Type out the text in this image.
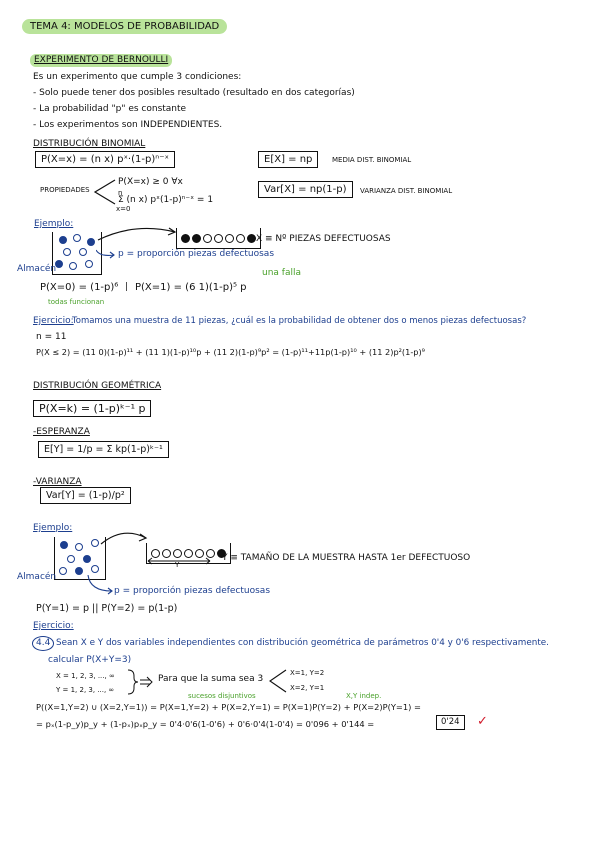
TEMA 4: MODELOS DE PROBABILIDAD
EXPERIMENTO DE BERNOULLI
Es un experimento que cumple 3 condiciones:
- Solo puede tener dos posibles resultado (resultado en dos categorías)
- La probabilidad "p" es constante
- Los experimentos son INDEPENDIENTES.
DISTRIBUCIÓN BINOMIAL
P(X=x) = (n x) pˣ·(1-p)ⁿ⁻ˣ	E[X] = np	MEDIA DIST. BINOMIAL
PROPIEDADES
P(X=x) ≥ 0 ∀x
n
Σ (n x) pˣ(1-p)ⁿ⁻ˣ = 1
x=0
Var[X] = np(1-p)	VARIANZA DIST. BINOMIAL
Ejemplo:
X ≡ Nº PIEZAS DEFECTUOSAS
p = proporción piezas defectuosas
Almacén
P(X=0) = (1-p)⁶ | P(X=1) = (6 1)(1-p)⁵ p
una falla
todas funcionan
Ejercicio:
Tomamos una muestra de 11 piezas, ¿cuál es la probabilidad de obtener dos o menos piezas defectuosas?
n = 11
P(X ≤ 2) = (11 0)(1-p)¹¹ + (11 1)(1-p)¹⁰p + (11 2)(1-p)⁹p² = (1-p)¹¹+11p(1-p)¹⁰ + (11 2)p²(1-p)⁹
DISTRIBUCIÓN GEOMÉTRICA
P(X=k) = (1-p)ᵏ⁻¹ p
-ESPERANZA
E[Y] = 1/p = Σ kp(1-p)ᵏ⁻¹
-VARIANZA
Var[Y] = (1-p)/p²
Ejemplo:
Y
Y ≡ TAMAÑO DE LA MUESTRA HASTA 1er DEFECTUOSO
p = proporción piezas defectuosas
Almacén
P(Y=1) = p || P(Y=2) = p(1-p)
Ejercicio:
4.4 Sean X e Y dos variables independientes con distribución geométrica de parámetros 0'4 y 0'6 respectivamente.
calcular P(X+Y=3)
X = 1, 2, 3, ..., ∞
Y = 1, 2, 3, ..., ∞
Para que la suma sea 3
X=1, Y=2
X=2, Y=1
sucesos disjuntivos	X,Y indep.
P((X=1,Y=2) ∪ (X=2,Y=1)) = P(X=1,Y=2) + P(X=2,Y=1) = P(X=1)P(Y=2) + P(X=2)P(Y=1) =
= pₓ(1-p_y)p_y + (1-pₓ)pₓp_y = 0'4·0'6(1-0'6) + 0'6·0'4(1-0'4) = 0'096 + 0'144 =	0'24	✓
